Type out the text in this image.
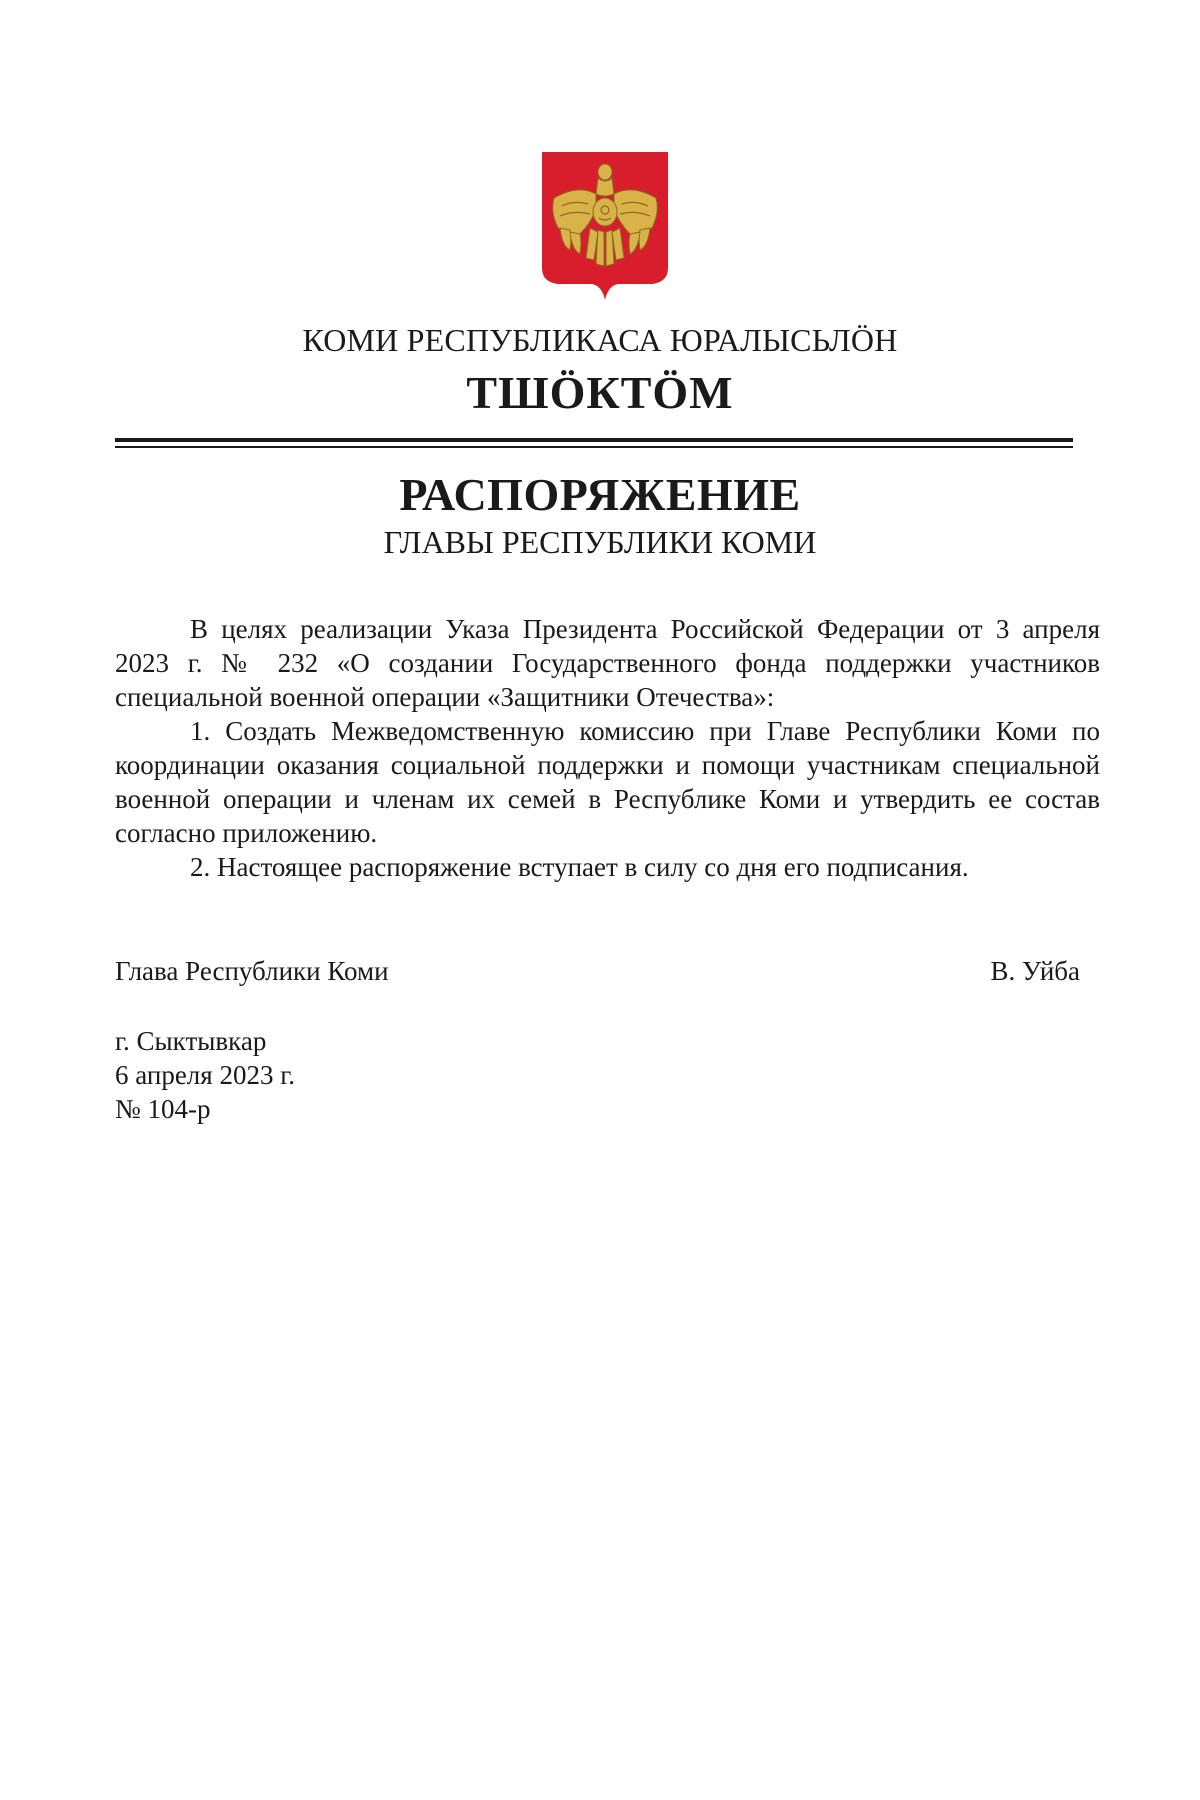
КОМИ РЕСПУБЛИКАСА ЮРАЛЫСЬЛӦН
ТШӦКТӦМ
РАСПОРЯЖЕНИЕ
ГЛАВЫ РЕСПУБЛИКИ КОМИ

В целях реализации Указа Президента Российской Федерации от 3 апреля 2023 г. № 232 «О создании Государственного фонда поддержки участников специальной военной операции «Защитники Отечества»:

1. Создать Межведомственную комиссию при Главе Республики Коми по координации оказания социальной поддержки и помощи участникам специальной военной операции и членам их семей в Республике Коми и утвердить ее состав согласно приложению.

2. Настоящее распоряжение вступает в силу со дня его подписания.

Глава Республики Коми	В. Уйба
г. Сыктывкар
6 апреля 2023 г.
№ 104-р
